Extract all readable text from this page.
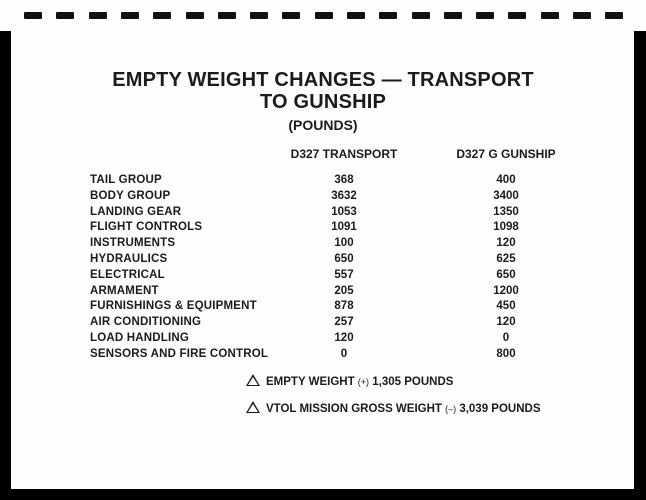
EMPTY WEIGHT CHANGES — TRANSPORT
TO GUNSHIP
(POUNDS)
D327 TRANSPORT	D327 G GUNSHIP
TAIL GROUP	368	400
BODY GROUP	3632	3400
LANDING GEAR	1053	1350
FLIGHT CONTROLS	1091	1098
INSTRUMENTS	100	120
HYDRAULICS	650	625
ELECTRICAL	557	650
ARMAMENT	205	1200
FURNISHINGS & EQUIPMENT	878	450
AIR CONDITIONING	257	120
LOAD HANDLING	120	0
SENSORS AND FIRE CONTROL	0	800
EMPTY WEIGHT (+) 1,305 POUNDS
VTOL MISSION GROSS WEIGHT (–) 3,039 POUNDS
